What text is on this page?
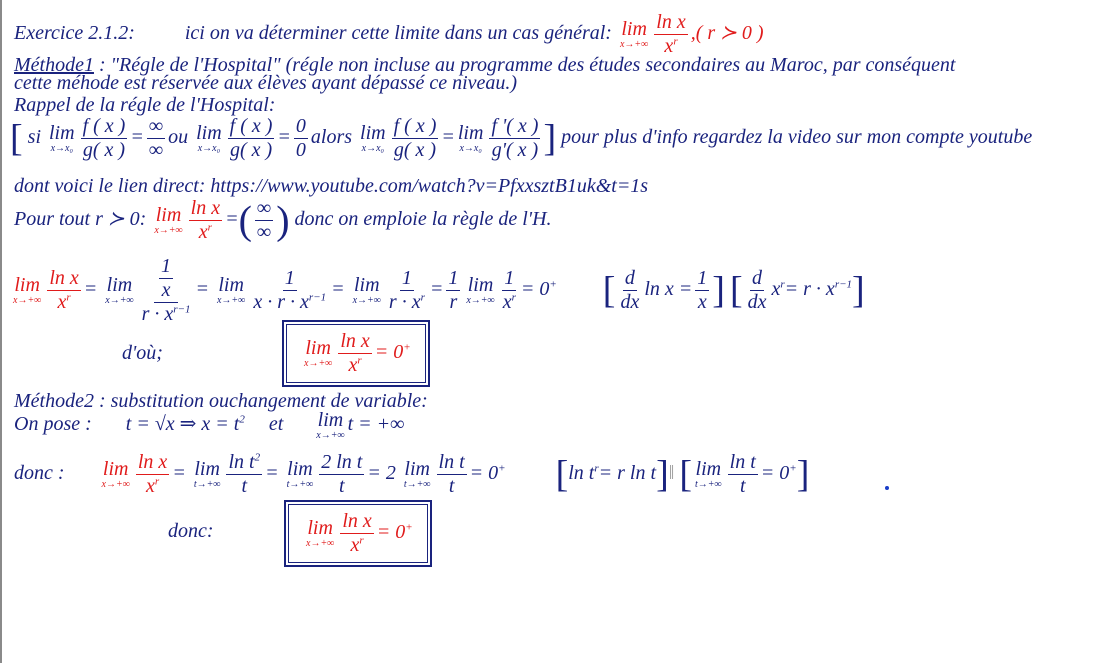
Exercice 2.1.2:	ici on va déterminer cette limite dans un cas général: lim
$x\to+\infty \frac{\text{ln x}}{x^r}$ ,( r ≻ 0 )
Méthode1 : "Régle de l'Hospital" (régle non incluse au programme des études secondaires au Maroc, par conséquent
cette méhode est réservée aux élèves ayant dépassé ce niveau.)
Rappel de la régle de l'Hospital:
[ si lim
$x\to x_0 \frac{f ( x )}{g( x )} = \frac{\infty}{\infty}$ ou lim
$x\to x_0 \frac{f ( x )}{g( x )} = \frac{0}{0}$ alors lim
$x\to x_0 \frac{f ( x )}{g( x )} = \lim$
$x\to x_0 \frac{f '( x )}{g'( x )}$ ] pour plus d'info regardez la video sur mon compte youtube
dont voici le lien direct: https://www.youtube.com/watch?v=PfxxsztB1uk&t=1s
Pour tout r ≻ 0: lim
$x\to+\infty \frac{\text{ln x}}{x^r}$ =( $\frac{\infty}{\infty}$ ) donc on emploie la règle de l'H.
lim
$x\to+\infty \frac{\text{ln x}}{x^r} = \lim$
$x\to+\infty \frac{\frac{1}{x}}{r \cdot x^{r-1}} = \lim$
$x\to+\infty \frac{1}{x \cdot r \cdot x^{r-1}} = \lim$
$x\to+\infty \frac{1}{r \cdot x^r} = \frac{1}{r}$ lim
$x\to+\infty \frac{1}{x^r} = 0^+$ [ $\frac{d}{dx}$ $\ln x = \frac{1}{x}$ ] [ $\frac{d}{dx} x^r= r \cdot x^{r-1}$]
d'où;	lim
$x\to+\infty \frac{\text{ln x}}{x^r} = 0^+$
Méthode2 : substitution ouchangement de variable:
On pose : t = √x ⇒ $x = t^2$ et lim
x→+∞
t = +∞
donc : lim
$x\to+\infty \frac{\text{ln x}}{x^r} = \lim$
$t\to+\infty \frac{\ln t^2}{t} = \lim$
$t\to+\infty \frac{\text{2 ln t}}{t} = 2$ lim
$t\to+\infty \frac{\text{ln t}}{t} = 0^+$ [ln $t^r= r$ ln t]‖ [ lim
$t\to+\infty \frac{\text{ln t}}{t} = 0^+$]
donc:	lim
$x\to+\infty \frac{\text{ln x}}{x^r} = 0^+$
